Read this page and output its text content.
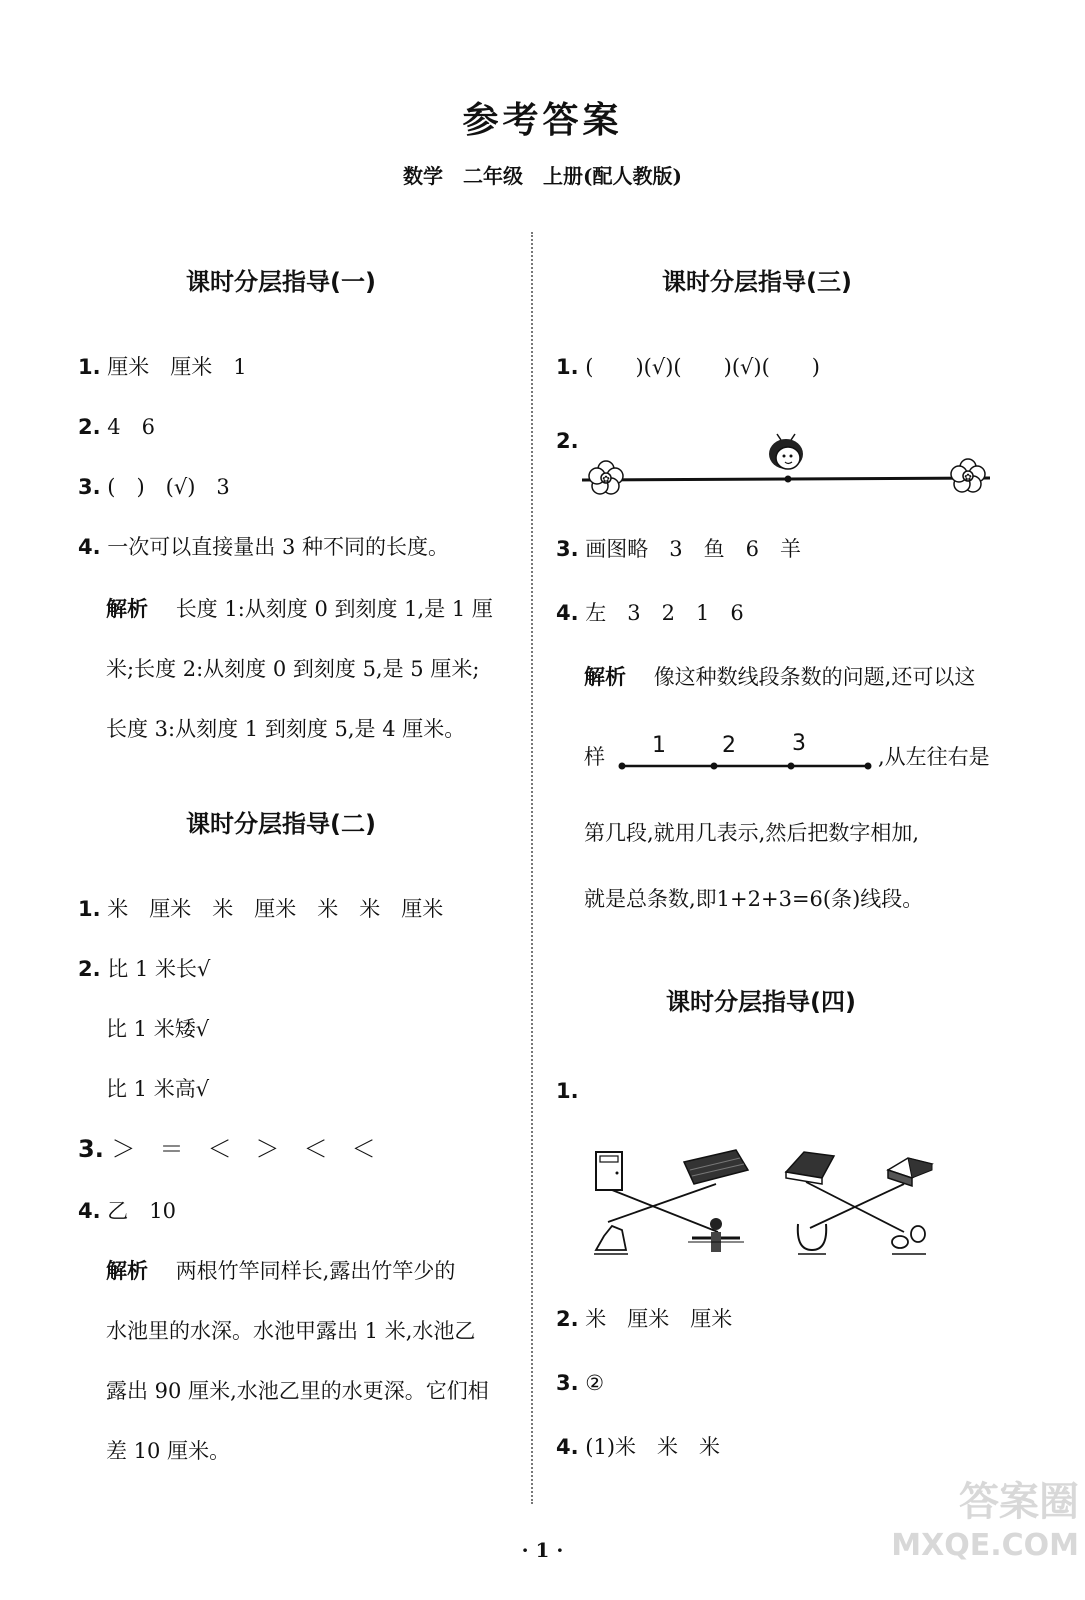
参考答案
数学　二年级　上册(配人教版)
课时分层指导(一)
1. 厘米　厘米　1
2. 4　6
3. (　)　(√)　3
4. 一次可以直接量出 3 种不同的长度。
解析　 长度 1:从刻度 0 到刻度 1,是 1 厘
米;长度 2:从刻度 0 到刻度 5,是 5 厘米;
长度 3:从刻度 1 到刻度 5,是 4 厘米。
课时分层指导(二)
1. 米　厘米　米　厘米　米　米　厘米
2. 比 1 米长√
比 1 米矮√
比 1 米高√
3. ＞　＝　＜　＞　＜　＜
4. 乙　10
解析　 两根竹竿同样长,露出竹竿少的
水池里的水深。水池甲露出 1 米,水池乙
露出 90 厘米,水池乙里的水更深。它们相
差 10 厘米。
课时分层指导(三)
1. (　　)(√)(　　)(√)(　　)
2.
✿	✿
3. 画图略　3　鱼　6　羊
4. 左　3　2　1　6
解析　 像这种数线段条数的问题,还可以这
样 1	2	3
,从左往右是
第几段,就用几表示,然后把数字相加,
就是总条数,即1+2+3=6(条)线段。
课时分层指导(四)
1.
2. 米　厘米　厘米
3. ②
4. (1)米　米　米
· 1 ·
答案圈
MXQE.COM
